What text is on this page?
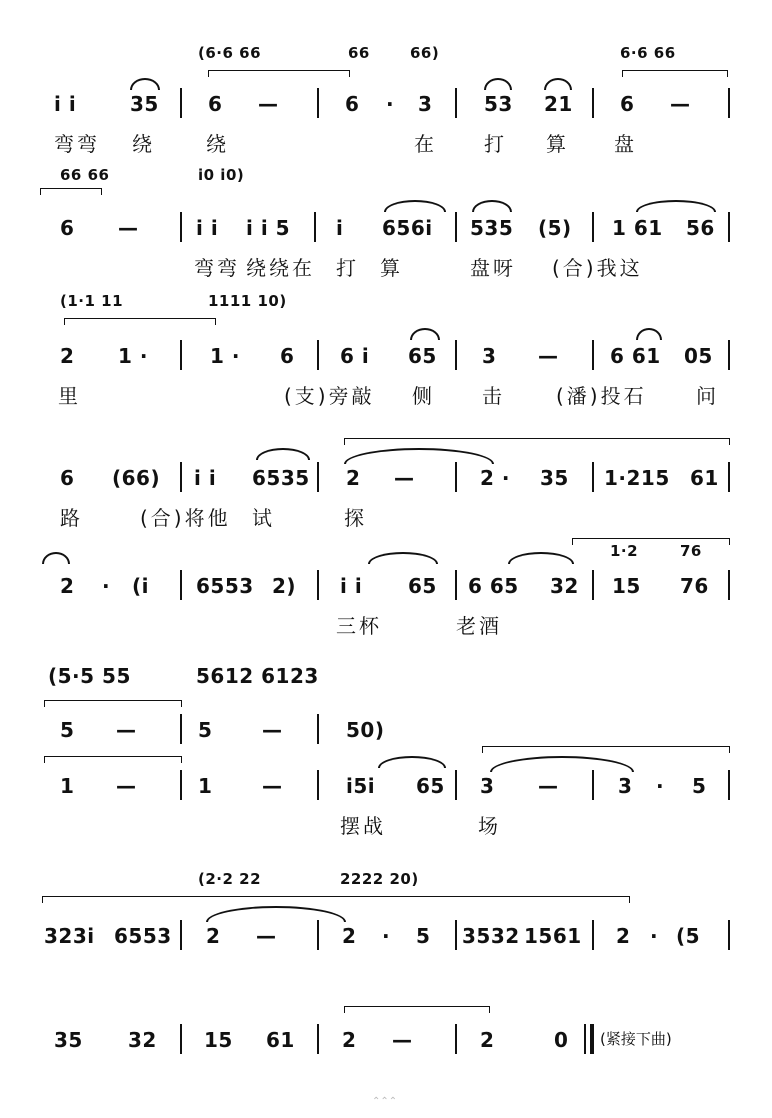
(6·6 66	66	66)	6·6 66
i i	35 6 —	6 · 3	53 21 6 —
弯弯 绕	绕	在 打 算 盘
66 66	i0 i0)
6 —	i i i i 5 i 656i 535 (5) 1 61 56
弯弯 绕绕在 打 算	盘呀 (合)我这
(1·1 11	1111 10)
2 1 ·	1 · 6 6 i 65 3 —	6 61 05
里	(支)旁敲 侧 击	(潘)投石 问
6 (66) i i 6535 2 —	2 · 35 1·215 61
路	(合)将他 试	探
1·2	76
2 · (i 6553 2) i i 65 6 65 32 15 76
三杯	老酒
(5·5 55	5612 6123
5 —	5 —	50)
1 —	1 —	i5i 65 3 —	3 · 5
摆战	场
(2·2 22	2222 20)
323i 6553 2 —	2 · 5 3532 1561 2 · (5
35 32 15 61 2 —	2	0 (紧接下曲)
⌃⌃⌃
